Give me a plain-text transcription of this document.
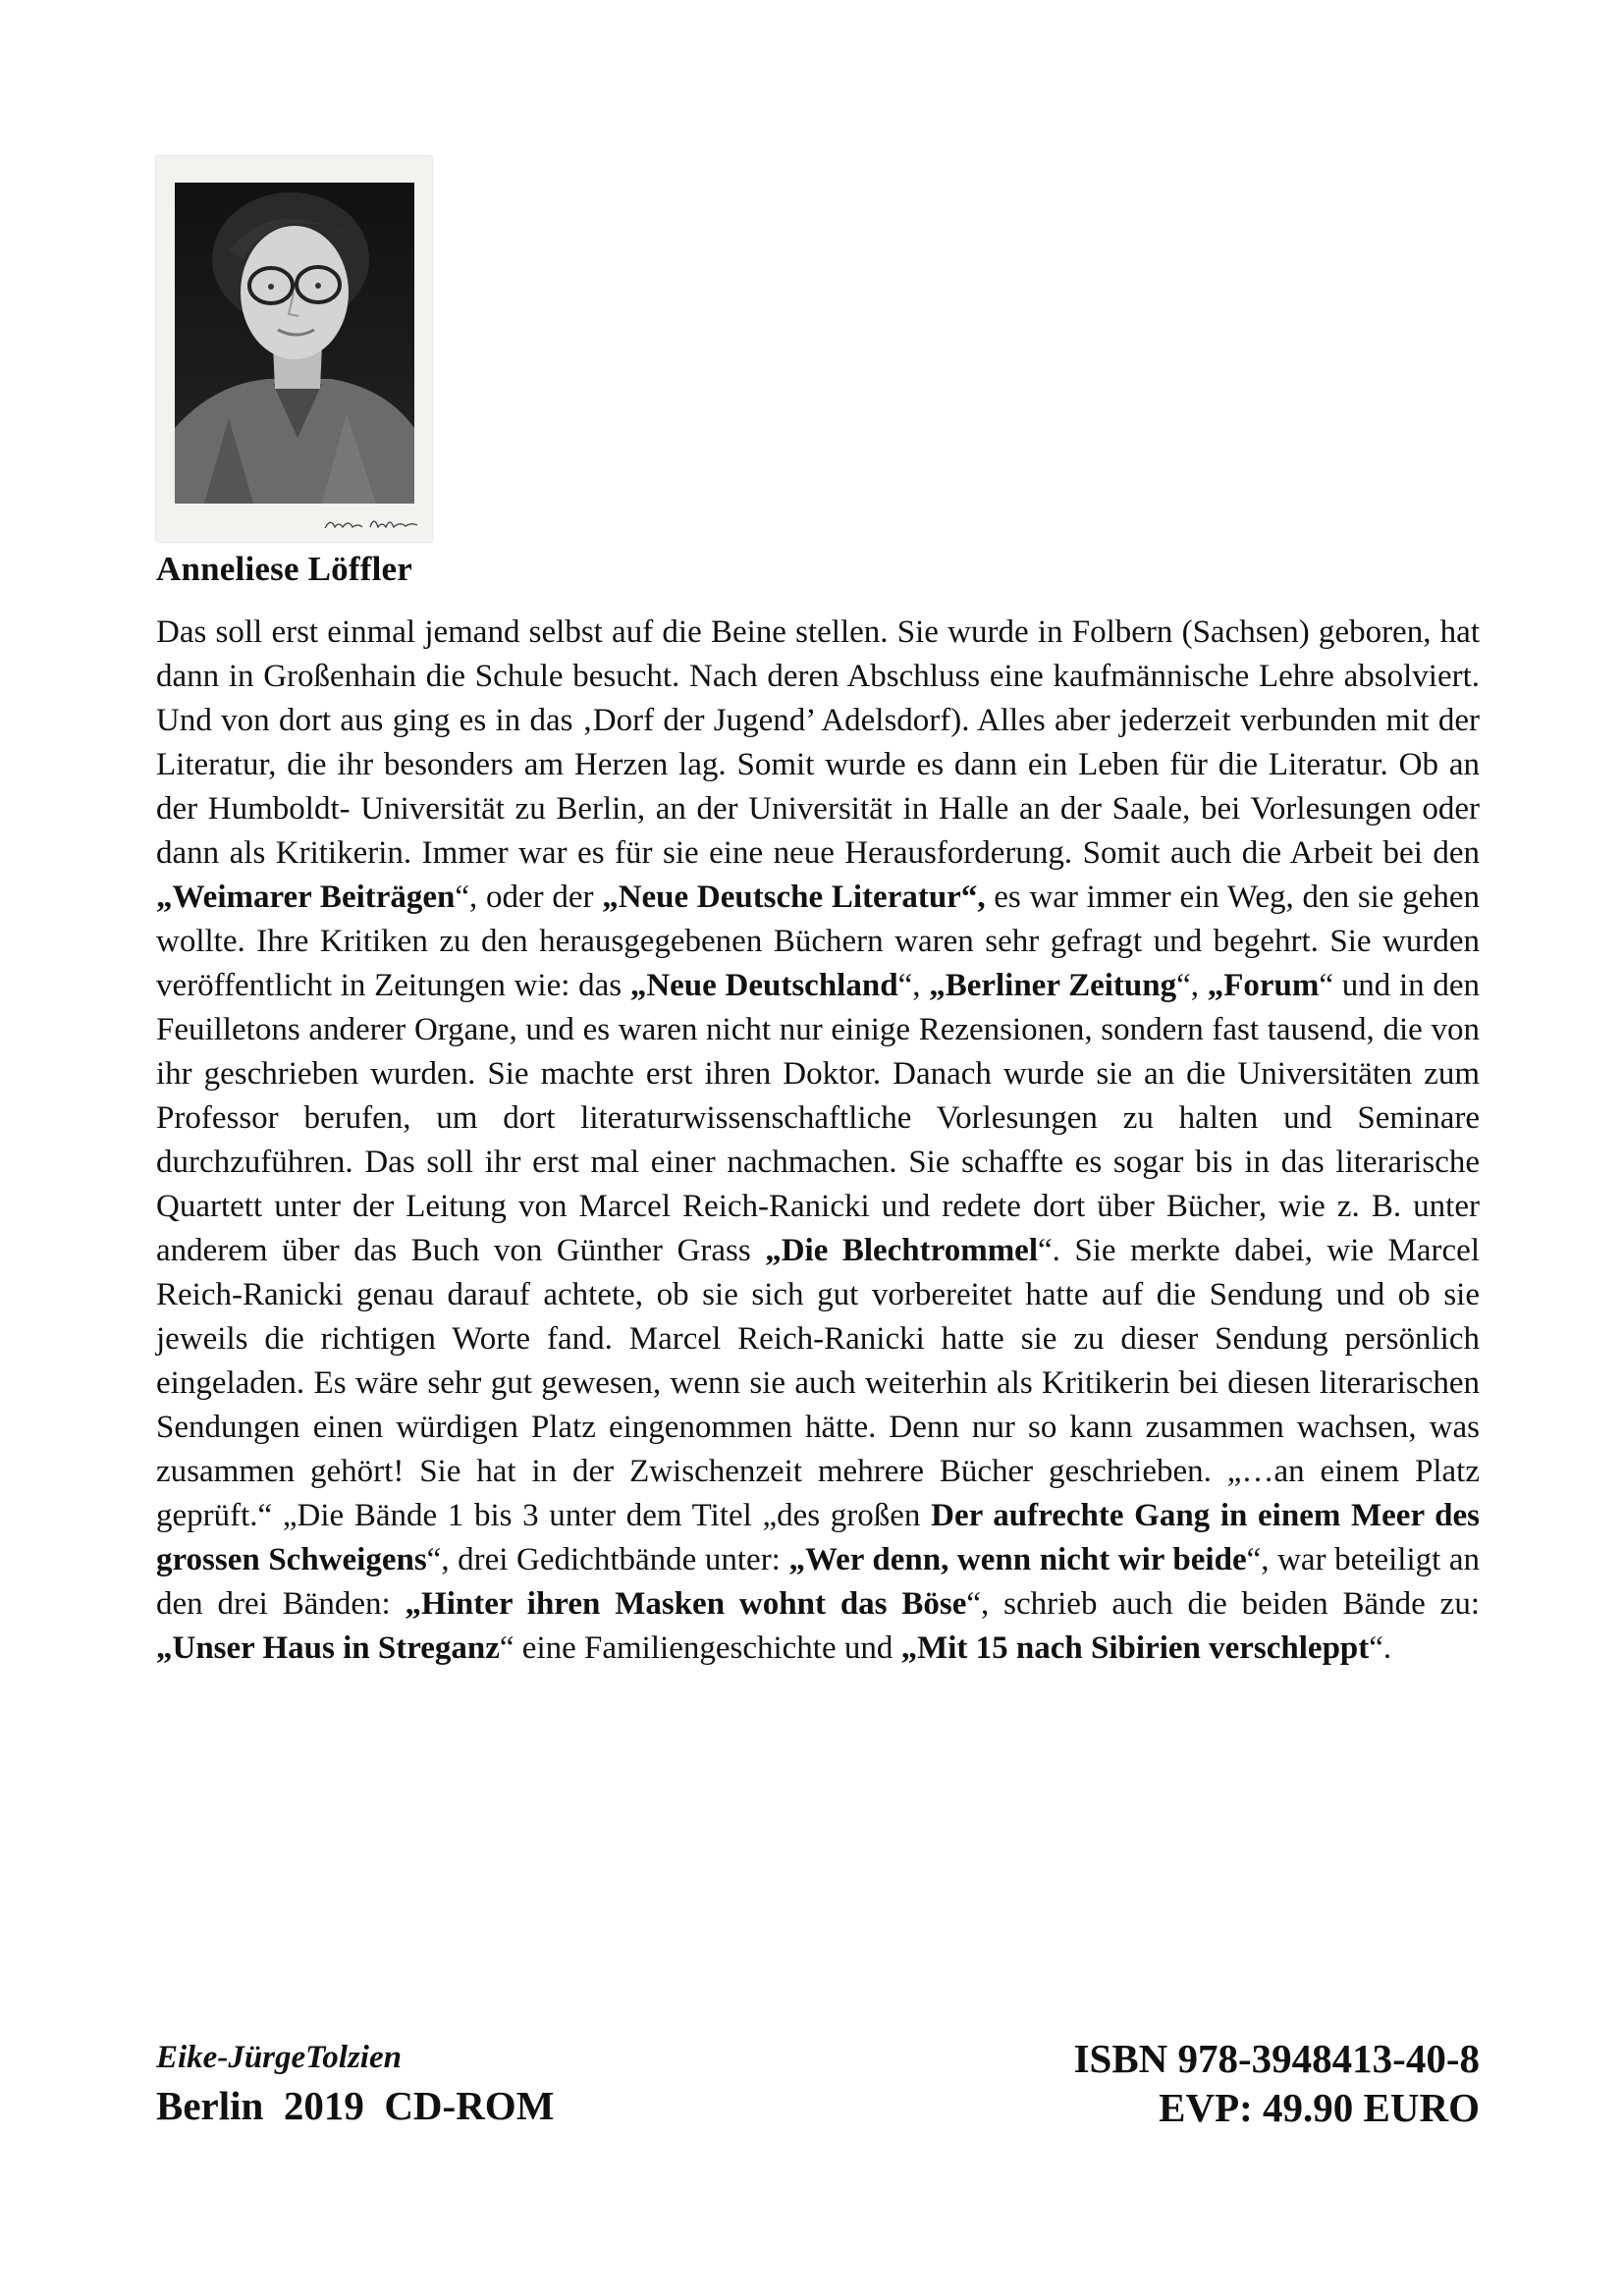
Anneliese Löffler
Das soll erst einmal jemand selbst auf die Beine stellen. Sie wurde in Folbern (Sachsen) geboren, hat dann in Großenhain die Schule besucht. Nach deren Abschluss eine kaufmännische Lehre absolviert. Und von dort aus ging es in das ‚Dorf der Jugend’ Adelsdorf). Alles aber jederzeit verbunden mit der Literatur, die ihr besonders am Herzen lag. Somit wurde es dann ein Leben für die Literatur. Ob an der Humboldt- Universität zu Berlin, an der Universität in Halle an der Saale, bei Vorlesungen oder dann als Kritikerin. Immer war es für sie eine neue Herausforderung. Somit auch die Arbeit bei den „Weimarer Beiträgen“, oder der „Neue Deutsche Literatur“, es war immer ein Weg, den sie gehen wollte. Ihre Kritiken zu den herausgegebenen Büchern waren sehr gefragt und begehrt. Sie wurden veröffentlicht in Zeitungen wie: das „Neue Deutschland“, „Berliner Zeitung“, „Forum“ und in den Feuilletons anderer Organe, und es waren nicht nur einige Rezensionen, sondern fast tausend, die von ihr geschrieben wurden. Sie machte erst ihren Doktor. Danach wurde sie an die Universitäten zum Professor berufen, um dort literaturwissenschaftliche Vorlesungen zu halten und Seminare durchzuführen. Das soll ihr erst mal einer nachmachen. Sie schaffte es sogar bis in das literarische Quartett unter der Leitung von Marcel Reich-Ranicki und redete dort über Bücher, wie z. B. unter anderem über das Buch von Günther Grass „Die Blechtrommel“. Sie merkte dabei, wie Marcel Reich-Ranicki genau darauf achtete, ob sie sich gut vorbereitet hatte auf die Sendung und ob sie jeweils die richtigen Worte fand. Marcel Reich-Ranicki hatte sie zu dieser Sendung persönlich eingeladen. Es wäre sehr gut gewesen, wenn sie auch weiterhin als Kritikerin bei diesen literarischen Sendungen einen würdigen Platz eingenommen hätte. Denn nur so kann zusammen wachsen, was zusammen gehört! Sie hat in der Zwischenzeit mehrere Bücher geschrieben. „…an einem Platz geprüft.“ „Die Bände 1 bis 3 unter dem Titel „des großen Der aufrechte Gang in einem Meer des grossen Schweigens“, drei Gedichtbände unter: „Wer denn, wenn nicht wir beide“, war beteiligt an den drei Bänden: „Hinter ihren Masken wohnt das Böse“, schrieb auch die beiden Bände zu: „Unser Haus in Streganz“ eine Familiengeschichte und „Mit 15 nach Sibirien verschleppt“.
Eike-JürgeTolzien
Berlin  2019  CD-ROM
ISBN 978-3948413-40-8
EVP: 49.90 EURO
